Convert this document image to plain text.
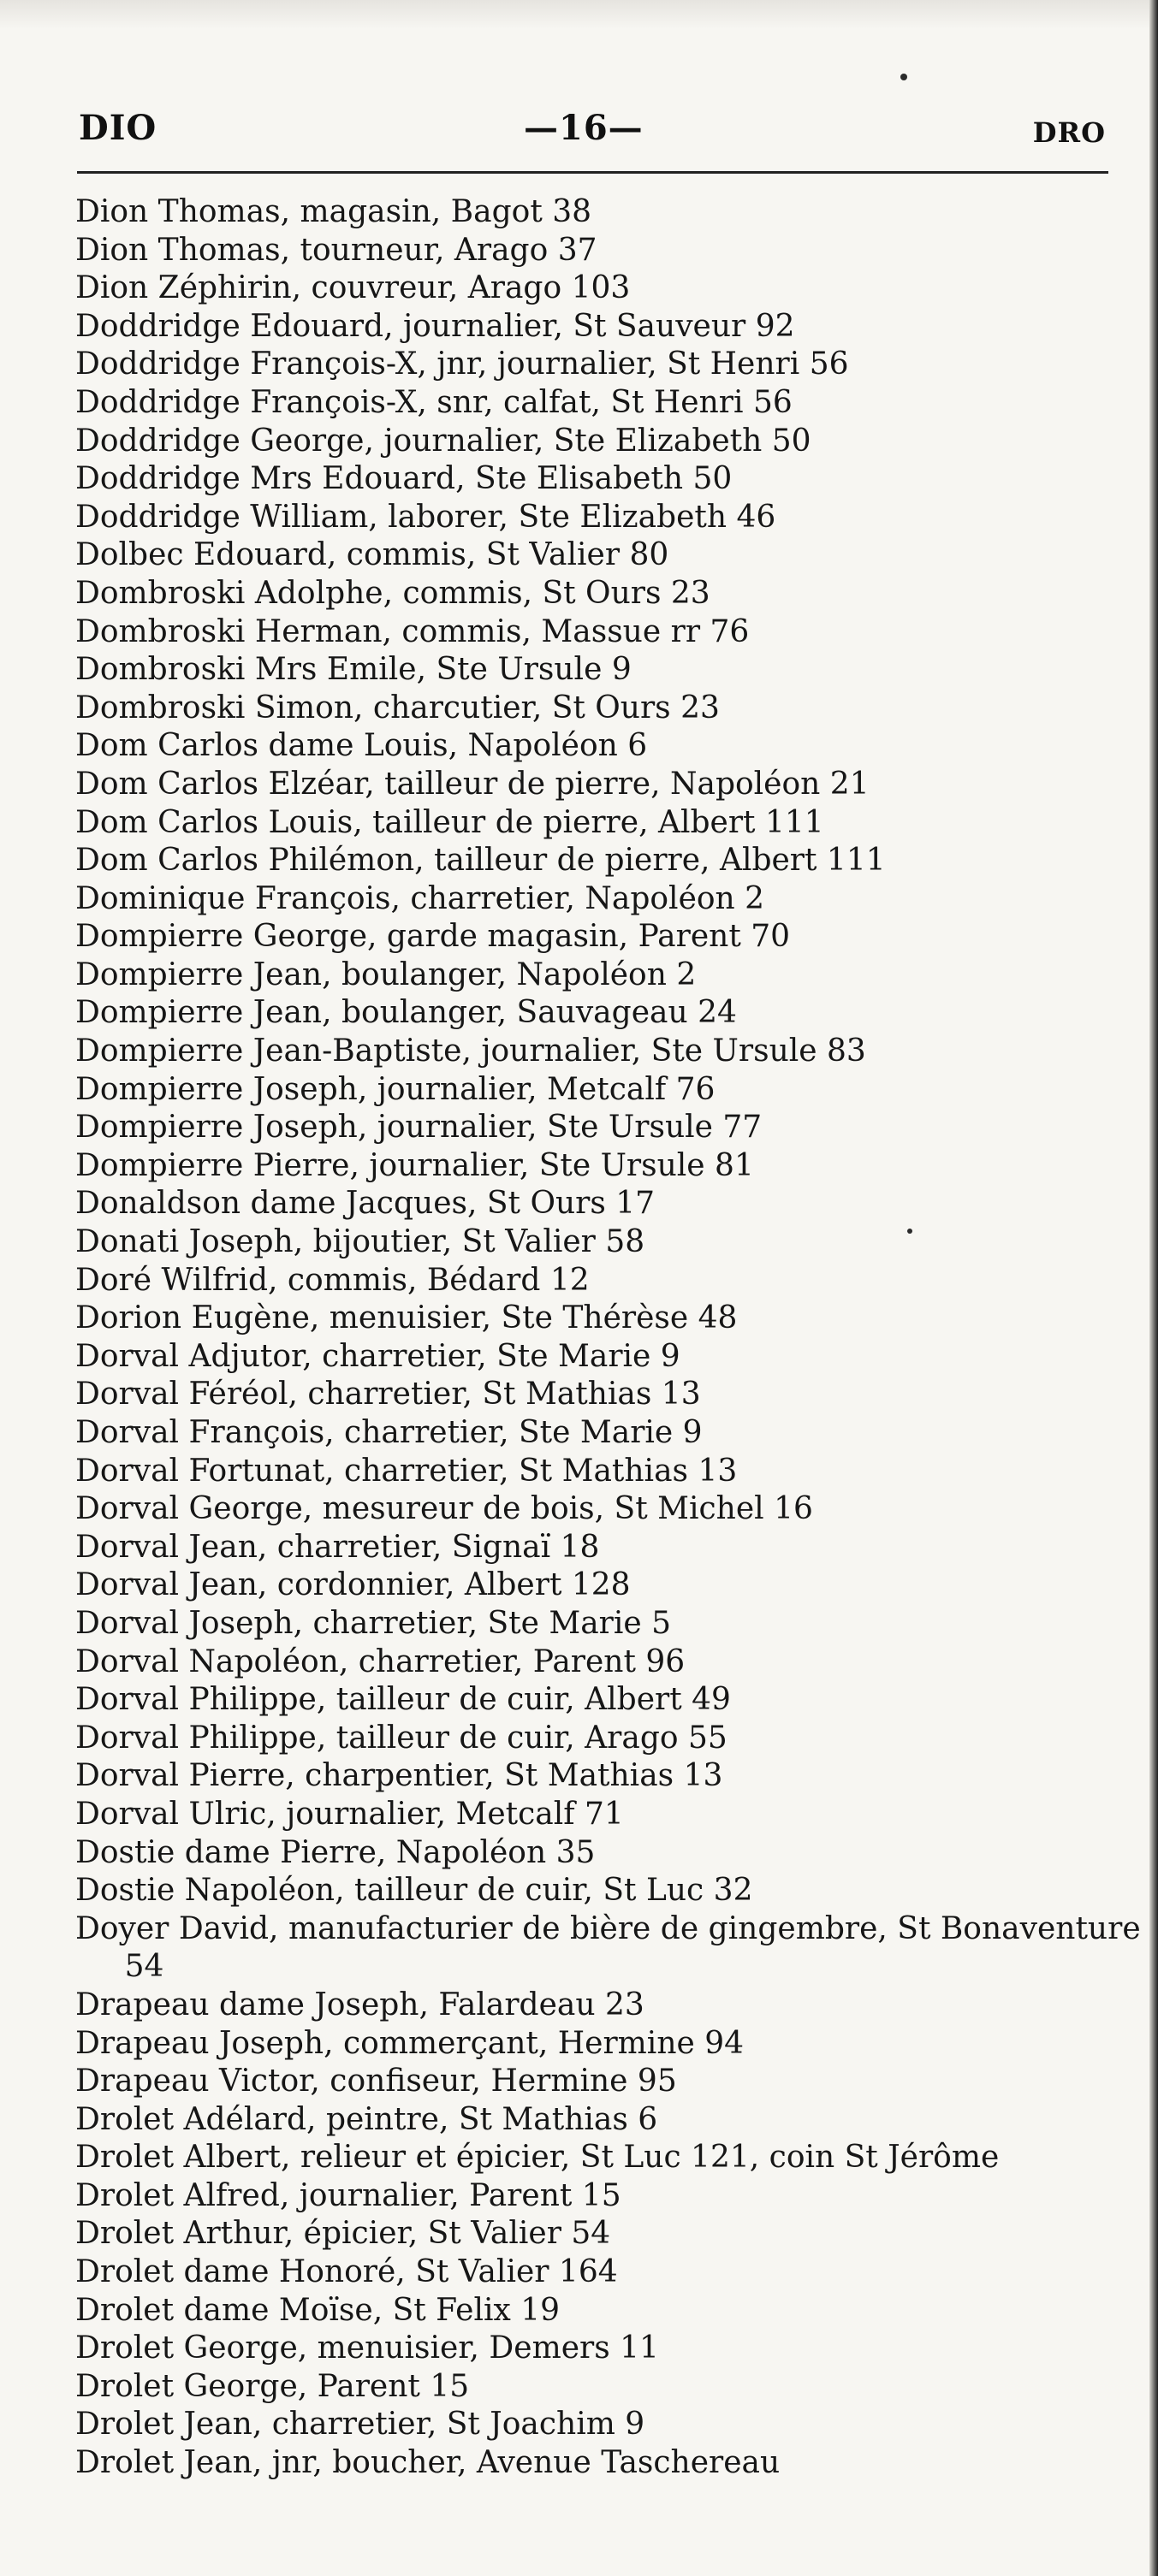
DIO	—16—	DRO
Dion Thomas, magasin, Bagot 38
Dion Thomas, tourneur, Arago 37
Dion Zéphirin, couvreur, Arago 103
Doddridge Edouard, journalier, St Sauveur 92
Doddridge François-X, jnr, journalier, St Henri 56
Doddridge François-X, snr, calfat, St Henri 56
Doddridge George, journalier, Ste Elizabeth 50
Doddridge Mrs Edouard, Ste Elisabeth 50
Doddridge William, laborer, Ste Elizabeth 46
Dolbec Edouard, commis, St Valier 80
Dombroski Adolphe, commis, St Ours 23
Dombroski Herman, commis, Massue rr 76
Dombroski Mrs Emile, Ste Ursule 9
Dombroski Simon, charcutier, St Ours 23
Dom Carlos dame Louis, Napoléon 6
Dom Carlos Elzéar, tailleur de pierre, Napoléon 21
Dom Carlos Louis, tailleur de pierre, Albert 111
Dom Carlos Philémon, tailleur de pierre, Albert 111
Dominique François, charretier, Napoléon 2
Dompierre George, garde magasin, Parent 70
Dompierre Jean, boulanger, Napoléon 2
Dompierre Jean, boulanger, Sauvageau 24
Dompierre Jean-Baptiste, journalier, Ste Ursule 83
Dompierre Joseph, journalier, Metcalf 76
Dompierre Joseph, journalier, Ste Ursule 77
Dompierre Pierre, journalier, Ste Ursule 81
Donaldson dame Jacques, St Ours 17
Donati Joseph, bijoutier, St Valier 58
Doré Wilfrid, commis, Bédard 12
Dorion Eugène, menuisier, Ste Thérèse 48
Dorval Adjutor, charretier, Ste Marie 9
Dorval Féréol, charretier, St Mathias 13
Dorval François, charretier, Ste Marie 9
Dorval Fortunat, charretier, St Mathias 13
Dorval George, mesureur de bois, St Michel 16
Dorval Jean, charretier, Signaï 18
Dorval Jean, cordonnier, Albert 128
Dorval Joseph, charretier, Ste Marie 5
Dorval Napoléon, charretier, Parent 96
Dorval Philippe, tailleur de cuir, Albert 49
Dorval Philippe, tailleur de cuir, Arago 55
Dorval Pierre, charpentier, St Mathias 13
Dorval Ulric, journalier, Metcalf 71
Dostie dame Pierre, Napoléon 35
Dostie Napoléon, tailleur de cuir, St Luc 32
Doyer David, manufacturier de bière de gingembre, St Bonaventure 54
Drapeau dame Joseph, Falardeau 23
Drapeau Joseph, commerçant, Hermine 94
Drapeau Victor, confiseur, Hermine 95
Drolet Adélard, peintre, St Mathias 6
Drolet Albert, relieur et épicier, St Luc 121, coin St Jérôme
Drolet Alfred, journalier, Parent 15
Drolet Arthur, épicier, St Valier 54
Drolet dame Honoré, St Valier 164
Drolet dame Moïse, St Felix 19
Drolet George, menuisier, Demers 11
Drolet George, Parent 15
Drolet Jean, charretier, St Joachim 9
Drolet Jean, jnr, boucher, Avenue Taschereau
